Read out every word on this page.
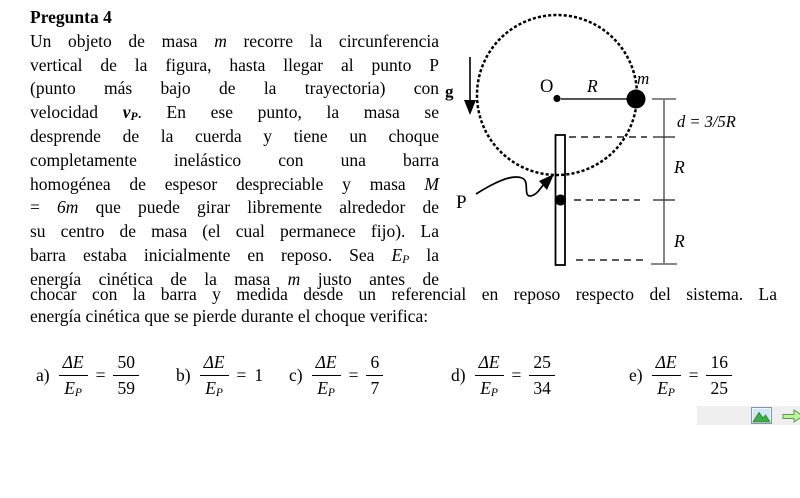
Pregunta 4
Un objeto de masa m recorre la circunferencia
vertical de la figura, hasta llegar al punto P
(punto más bajo de la trayectoria) con
velocidad $v_P$. En ese punto, la masa se
desprende de la cuerda y tiene un choque
completamente inelástico con una barra
homogénea de espesor despreciable y masa M
= 6m que puede girar libremente alrededor de
su centro de masa (el cual permanece fijo). La
barra estaba inicialmente en reposo. Sea $E_P$ la
energía cinética de la masa m justo antes de
chocar con la barra y medida desde un referencial en reposo respecto del sistema. La
energía cinética que se pierde durante el choque verifica:
g	O R m
d = 3/5R
R
R
P
$a) \frac{\Delta E}{E_P} = \frac{50}{59} b) \frac{\Delta E}{E_P} = 1$ $c) \frac{\Delta E}{E_P} = \frac{6}{7}$	$d) \frac{\Delta E}{E_P} = \frac{25}{34}$	$e) \frac{\Delta E}{E_P} = \frac{16}{25}$
